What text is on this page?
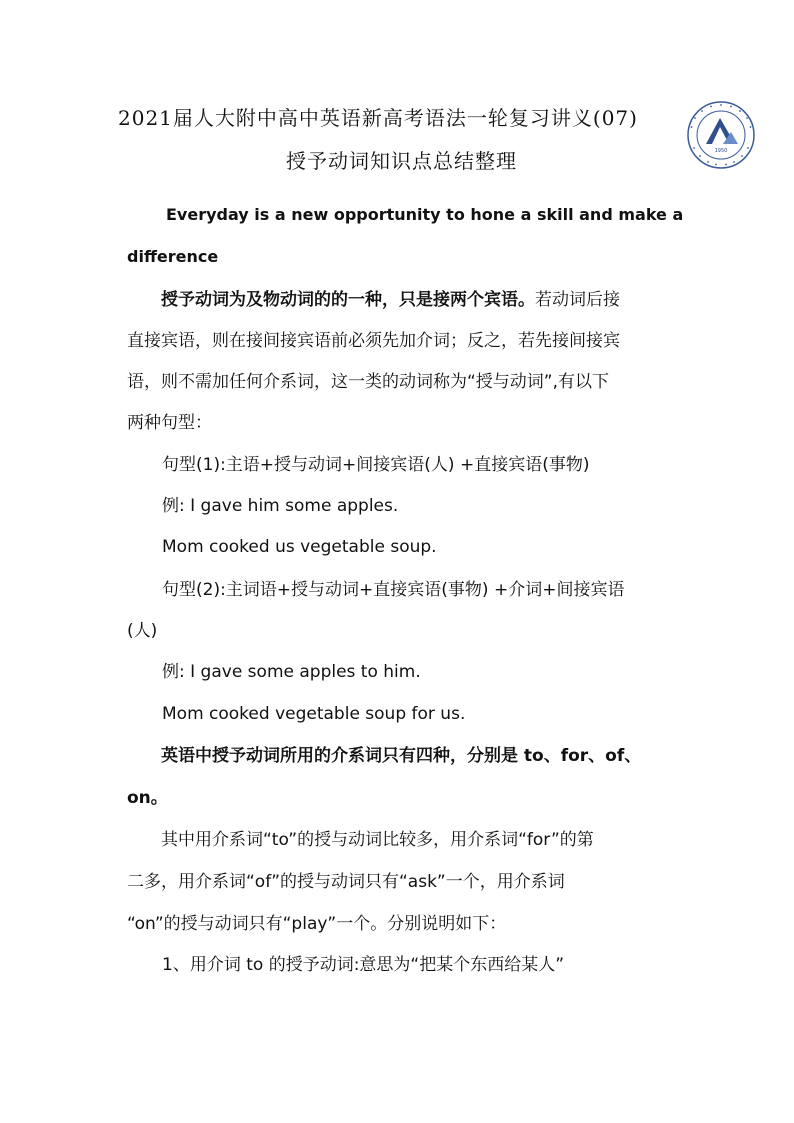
2021届人大附中高中英语新高考语法一轮复习讲义(07)
授予动词知识点总结整理
Everyday is a new opportunity to hone a skill and make a
difference
授予动词为及物动词的的一种，只是接两个宾语。若动词后接
直接宾语，则在接间接宾语前必须先加介词；反之，若先接间接宾
语，则不需加任何介系词，这一类的动词称为“授与动词”,有以下
两种句型：
句型(1):主语+授与动词+间接宾语(人) +直接宾语(事物)
例: I gave him some apples.
Mom cooked us vegetable soup.
句型(2):主词语+授与动词+直接宾语(事物) +介词+间接宾语
(人)
例: I gave some apples to him.
Mom cooked vegetable soup for us.
英语中授予动词所用的介系词只有四种，分别是 to、for、of、
on。
其中用介系词“to”的授与动词比较多，用介系词“for”的第
二多，用介系词“of”的授与动词只有“ask”一个，用介系词
“on”的授与动词只有“play”一个。分别说明如下：
1、用介词 to 的授予动词:意思为“把某个东西给某人”
1950
